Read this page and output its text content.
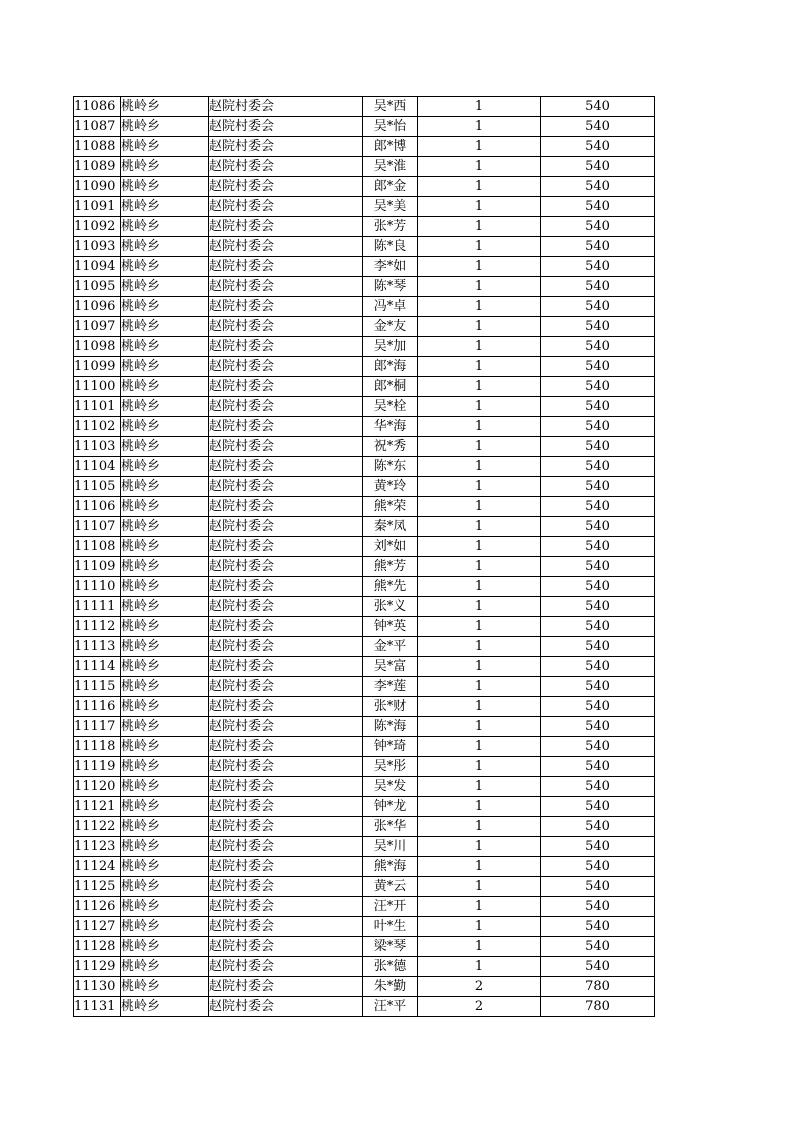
11086	桃岭乡	赵院村委会	吴*西	1	540
11087	桃岭乡	赵院村委会	吴*怡	1	540
11088	桃岭乡	赵院村委会	郎*博	1	540
11089	桃岭乡	赵院村委会	吴*淮	1	540
11090	桃岭乡	赵院村委会	郎*金	1	540
11091	桃岭乡	赵院村委会	吴*美	1	540
11092	桃岭乡	赵院村委会	张*芳	1	540
11093	桃岭乡	赵院村委会	陈*良	1	540
11094	桃岭乡	赵院村委会	李*如	1	540
11095	桃岭乡	赵院村委会	陈*琴	1	540
11096	桃岭乡	赵院村委会	冯*卓	1	540
11097	桃岭乡	赵院村委会	金*友	1	540
11098	桃岭乡	赵院村委会	吴*加	1	540
11099	桃岭乡	赵院村委会	郎*海	1	540
11100	桃岭乡	赵院村委会	郎*桐	1	540
11101	桃岭乡	赵院村委会	吴*栓	1	540
11102	桃岭乡	赵院村委会	华*海	1	540
11103	桃岭乡	赵院村委会	祝*秀	1	540
11104	桃岭乡	赵院村委会	陈*东	1	540
11105	桃岭乡	赵院村委会	黄*玲	1	540
11106	桃岭乡	赵院村委会	熊*荣	1	540
11107	桃岭乡	赵院村委会	秦*凤	1	540
11108	桃岭乡	赵院村委会	刘*如	1	540
11109	桃岭乡	赵院村委会	熊*芳	1	540
11110	桃岭乡	赵院村委会	熊*先	1	540
11111	桃岭乡	赵院村委会	张*义	1	540
11112	桃岭乡	赵院村委会	钟*英	1	540
11113	桃岭乡	赵院村委会	金*平	1	540
11114	桃岭乡	赵院村委会	吴*富	1	540
11115	桃岭乡	赵院村委会	李*莲	1	540
11116	桃岭乡	赵院村委会	张*财	1	540
11117	桃岭乡	赵院村委会	陈*海	1	540
11118	桃岭乡	赵院村委会	钟*琦	1	540
11119	桃岭乡	赵院村委会	吴*彤	1	540
11120	桃岭乡	赵院村委会	吴*发	1	540
11121	桃岭乡	赵院村委会	钟*龙	1	540
11122	桃岭乡	赵院村委会	张*华	1	540
11123	桃岭乡	赵院村委会	吴*川	1	540
11124	桃岭乡	赵院村委会	熊*海	1	540
11125	桃岭乡	赵院村委会	黄*云	1	540
11126	桃岭乡	赵院村委会	汪*开	1	540
11127	桃岭乡	赵院村委会	叶*生	1	540
11128	桃岭乡	赵院村委会	梁*琴	1	540
11129	桃岭乡	赵院村委会	张*德	1	540
11130	桃岭乡	赵院村委会	朱*勤	2	780
11131	桃岭乡	赵院村委会	汪*平	2	780
